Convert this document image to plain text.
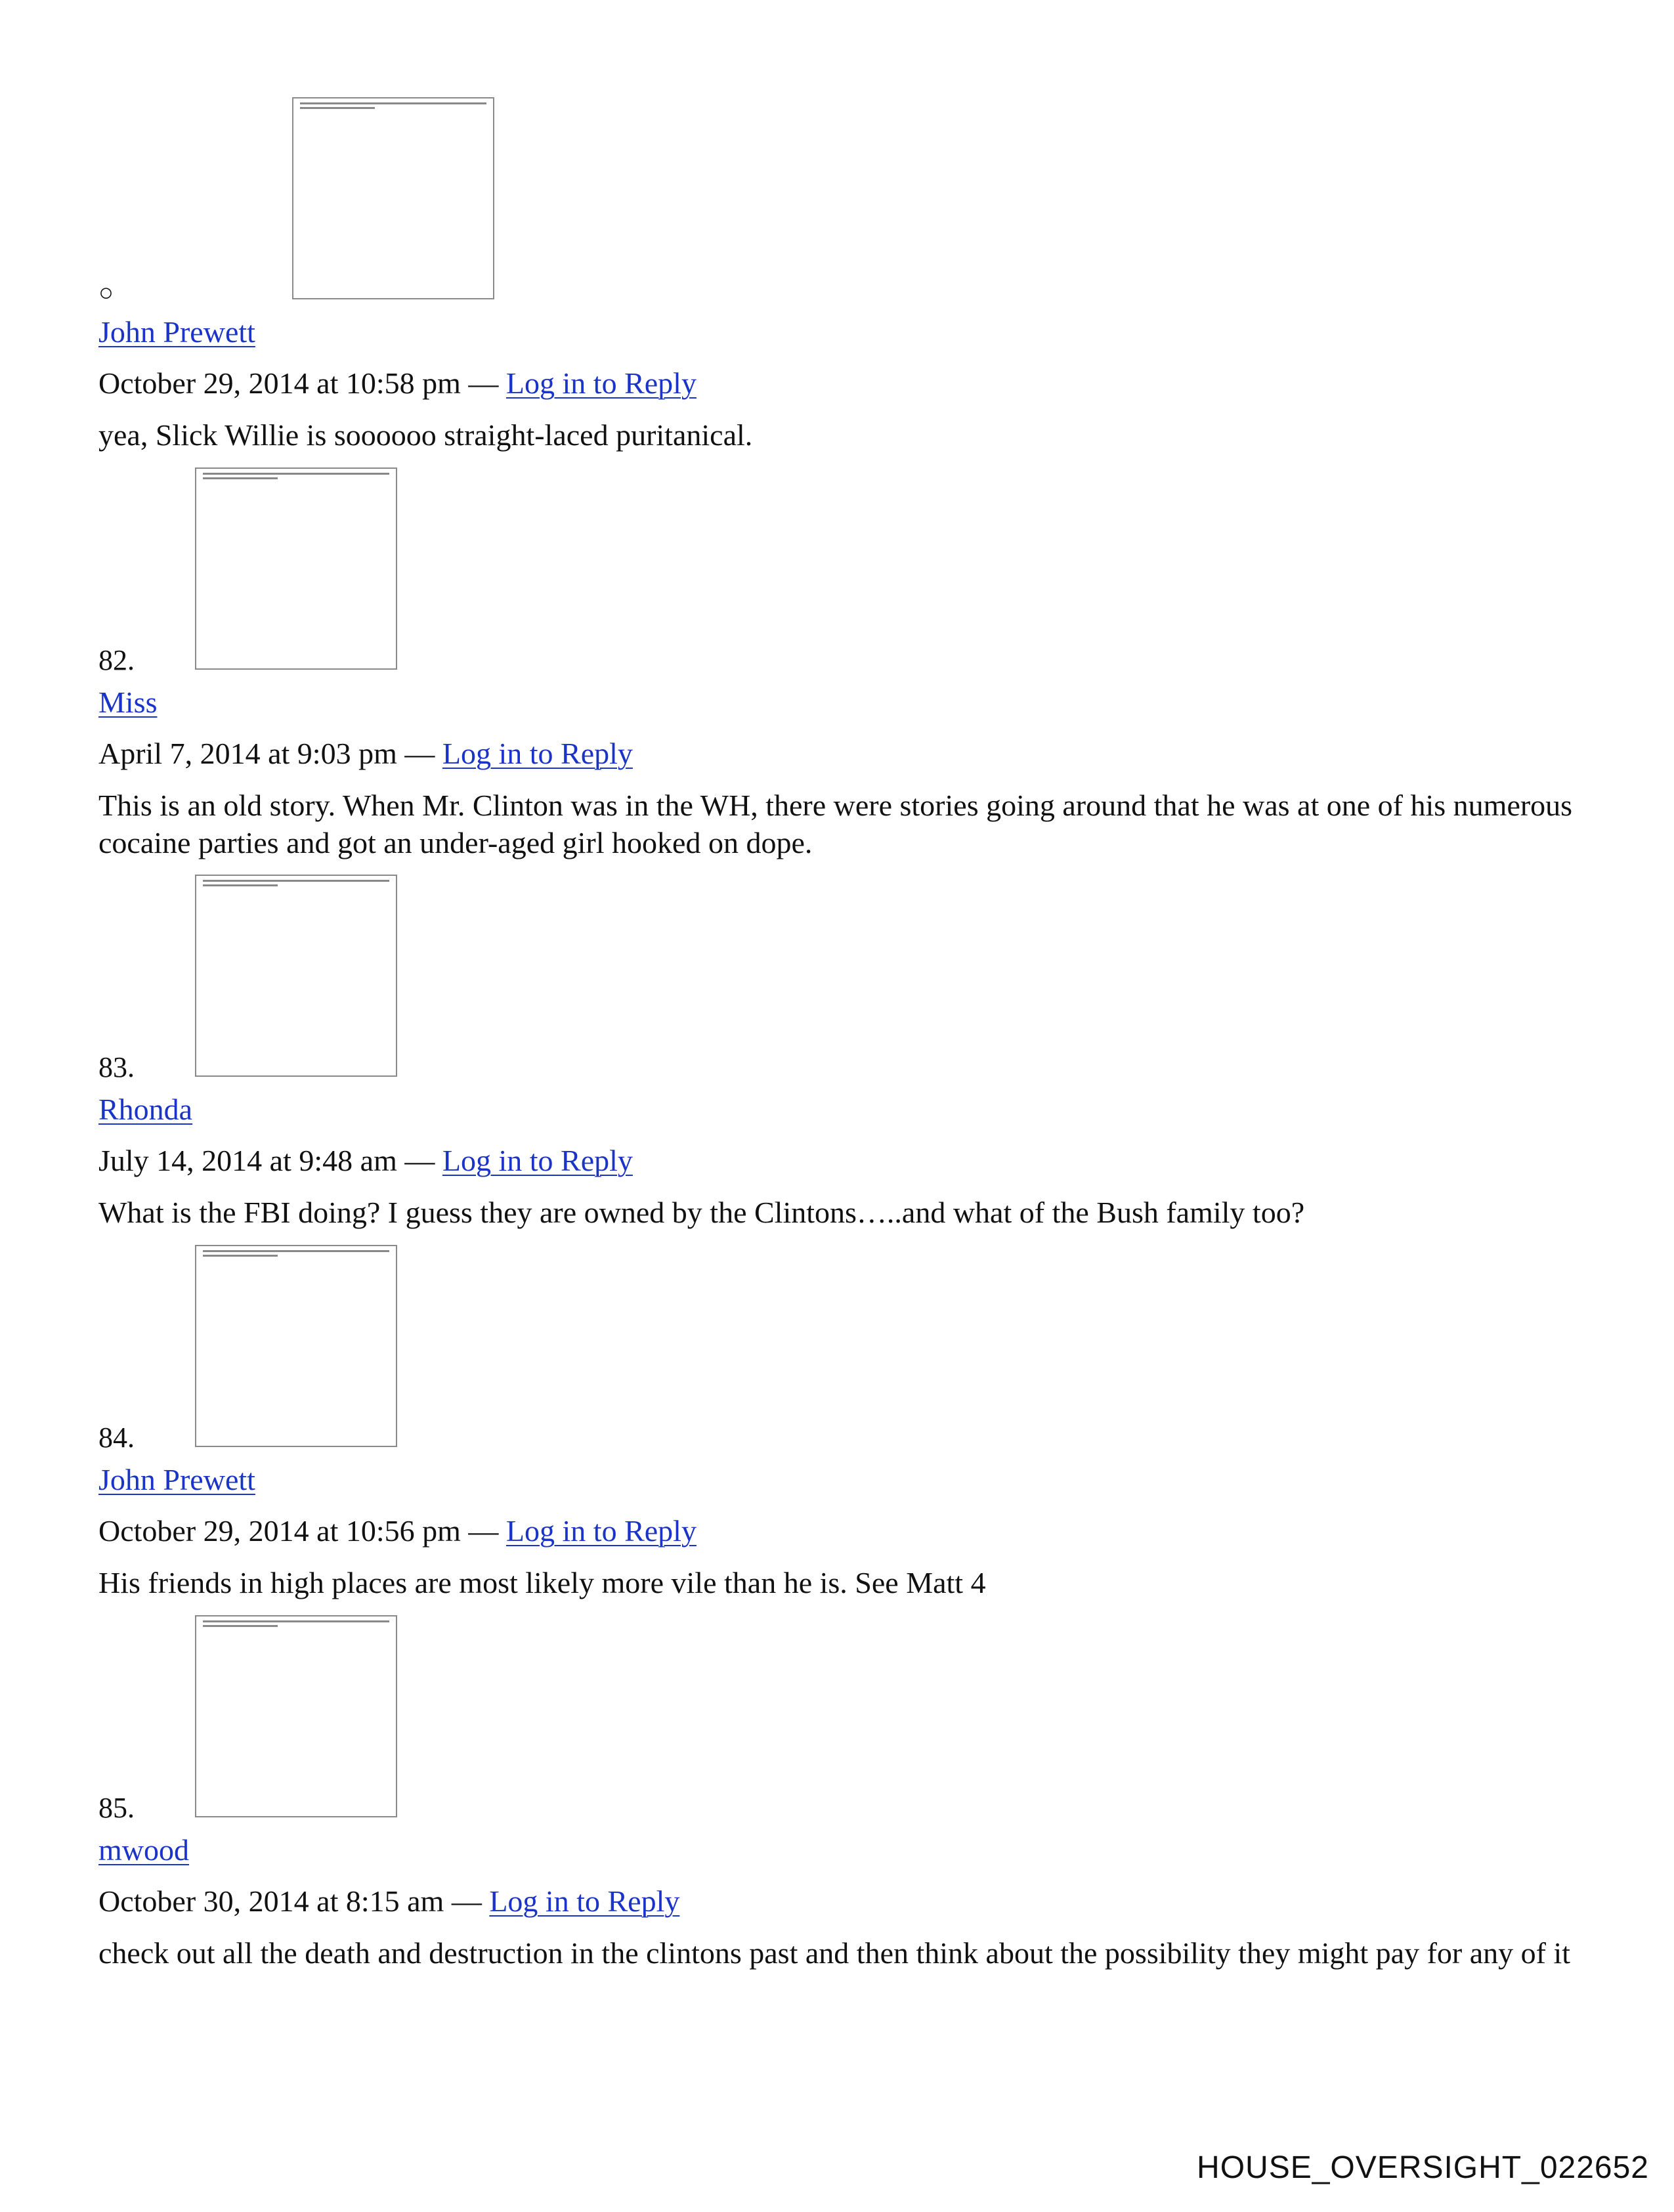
○
John Prewett
October 29, 2014 at 10:58 pm — Log in to Reply
yea, Slick Willie is soooooo straight-laced puritanical.
82.
Miss
April 7, 2014 at 9:03 pm — Log in to Reply
This is an old story. When Mr. Clinton was in the WH, there were stories going around that he was at one of his numerous cocaine parties and got an under-aged girl hooked on dope.
83.
Rhonda
July 14, 2014 at 9:48 am — Log in to Reply
What is the FBI doing? I guess they are owned by the Clintons…..and what of the Bush family too?
84.
John Prewett
October 29, 2014 at 10:56 pm — Log in to Reply
His friends in high places are most likely more vile than he is. See Matt 4
85.
mwood
October 30, 2014 at 8:15 am — Log in to Reply
check out all the death and destruction in the clintons past and then think about the possibility they might pay for any of it
HOUSE_OVERSIGHT_022652
